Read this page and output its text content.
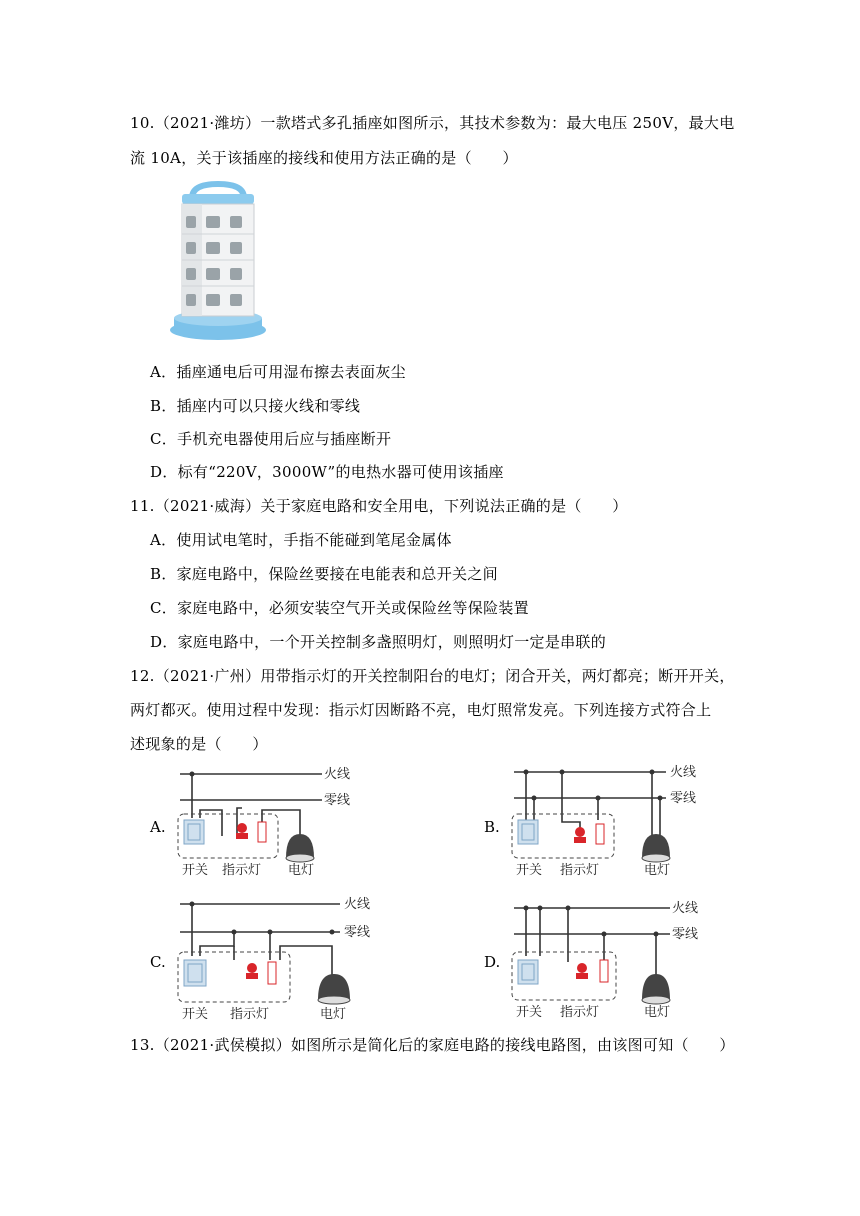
10.（2021·潍坊）一款塔式多孔插座如图所示，其技术参数为：最大电压 250V，最大电
流 10A，关于该插座的接线和使用方法正确的是（　　）
A．插座通电后可用湿布擦去表面灰尘
B．插座内可以只接火线和零线
C．手机充电器使用后应与插座断开
D．标有“220V，3000W”的电热水器可使用该插座
11.（2021·威海）关于家庭电路和安全用电，下列说法正确的是（　　）
A．使用试电笔时，手指不能碰到笔尾金属体
B．家庭电路中，保险丝要接在电能表和总开关之间
C．家庭电路中，必须安装空气开关或保险丝等保险装置
D．家庭电路中，一个开关控制多盏照明灯，则照明灯一定是串联的
12.（2021·广州）用带指示灯的开关控制阳台的电灯；闭合开关，两灯都亮；断开开关，
两灯都灭。使用过程中发现：指示灯因断路不亮，电灯照常发亮。下列连接方式符合上
述现象的是（　　）
A.	B.
C.	D.
火线
零线
开关 指示灯 电灯
火线
零线
开关 指示灯	电灯
火线
零线
开关 指示灯	电灯
火线
零线
开关 指示灯	电灯
13.（2021·武侯模拟）如图所示是简化后的家庭电路的接线电路图，由该图可知（　　）
